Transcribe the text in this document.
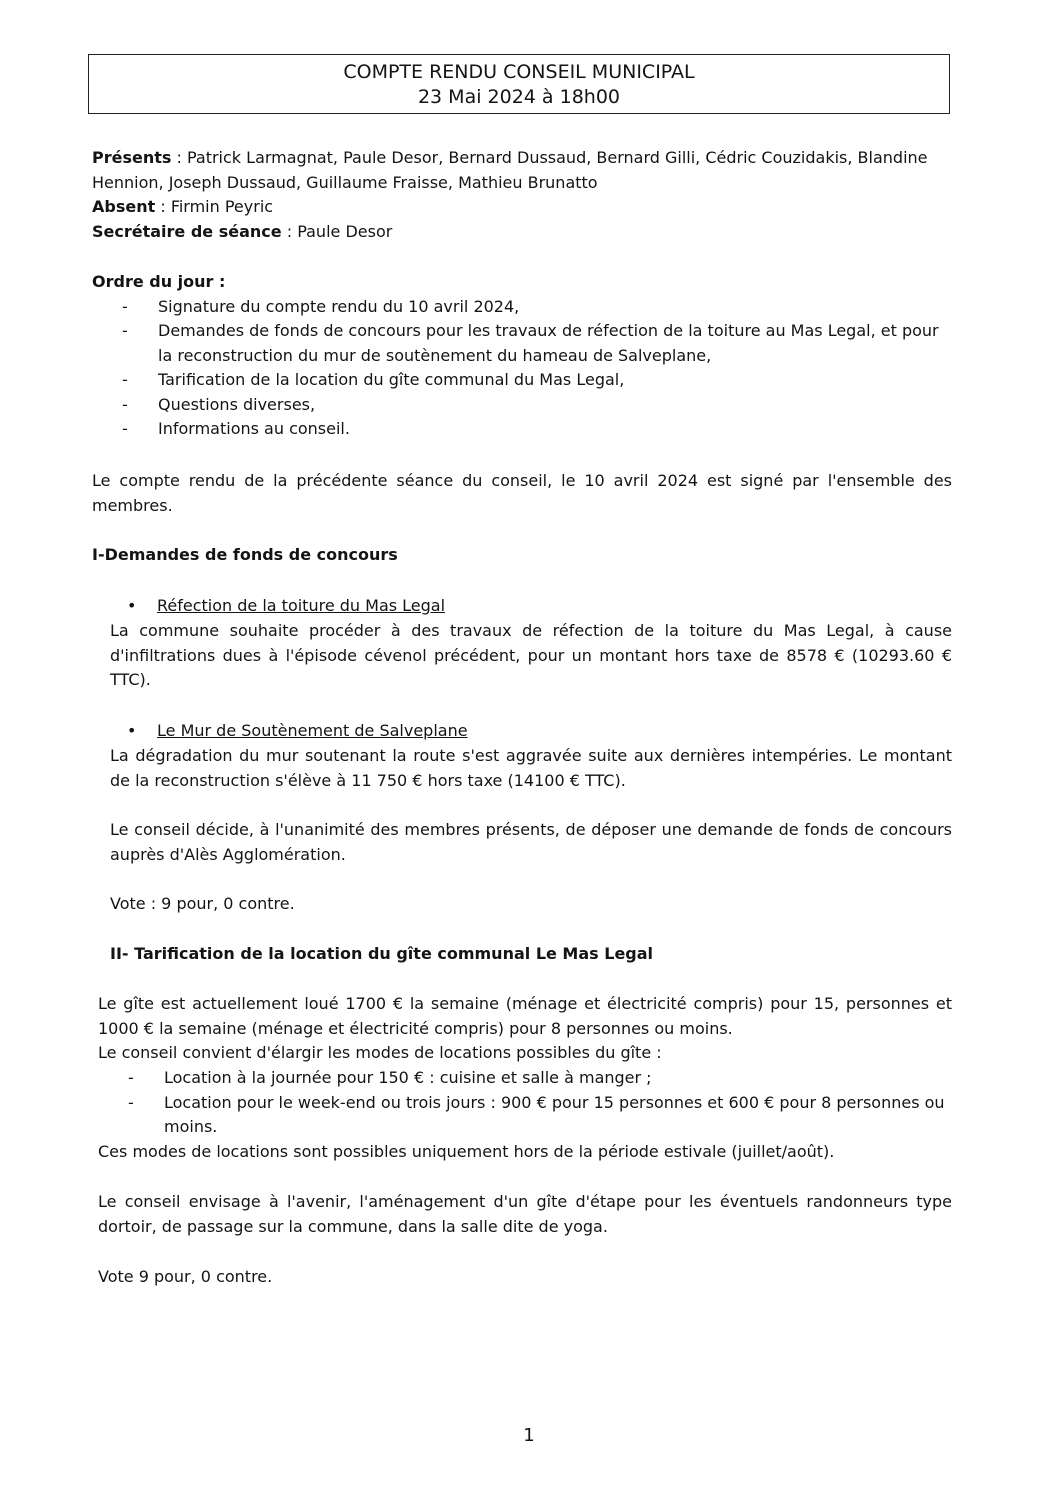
COMPTE RENDU CONSEIL MUNICIPAL
23 Mai 2024 à 18h00
Présents : Patrick Larmagnat, Paule Desor, Bernard Dussaud, Bernard Gilli, Cédric Couzidakis, Blandine
Hennion, Joseph Dussaud, Guillaume Fraisse, Mathieu Brunatto
Absent : Firmin Peyric
Secrétaire de séance : Paule Desor
Ordre du jour :
- Signature du compte rendu du 10 avril 2024,
- Demandes de fonds de concours pour les travaux de réfection de la toiture au Mas Legal, et pour la reconstruction du mur de soutènement du hameau de Salveplane,
- Tarification de la location du gîte communal du Mas Legal,
- Questions diverses,
- Informations au conseil.
Le compte rendu de la précédente séance du conseil, le 10 avril 2024 est signé par l'ensemble des membres.
I-Demandes de fonds de concours
• Réfection de la toiture du Mas Legal
La commune souhaite procéder à des travaux de réfection de la toiture du Mas Legal, à cause d'infiltrations dues à l'épisode cévenol précédent, pour un montant hors taxe de 8578 € (10293.60 € TTC).
• Le Mur de Soutènement de Salveplane
La dégradation du mur soutenant la route s'est aggravée suite aux dernières intempéries. Le montant de la reconstruction s'élève à 11 750 € hors taxe (14100 € TTC).
Le conseil décide, à l'unanimité des membres présents, de déposer une demande de fonds de concours auprès d'Alès Agglomération.
Vote : 9 pour, 0 contre.
II- Tarification de la location du gîte communal Le Mas Legal
Le gîte est actuellement loué 1700 € la semaine (ménage et électricité compris) pour 15, personnes et 1000 € la semaine (ménage et électricité compris) pour 8 personnes ou moins.
Le conseil convient d'élargir les modes de locations possibles du gîte :
- Location à la journée pour 150 € : cuisine et salle à manger ;
- Location pour le week-end ou trois jours : 900 € pour 15 personnes et 600 € pour 8 personnes ou moins.
Ces modes de locations sont possibles uniquement hors de la période estivale (juillet/août).
Le conseil envisage à l'avenir, l'aménagement d'un gîte d'étape pour les éventuels randonneurs type dortoir, de passage sur la commune, dans la salle dite de yoga.
Vote 9 pour, 0 contre.
1
